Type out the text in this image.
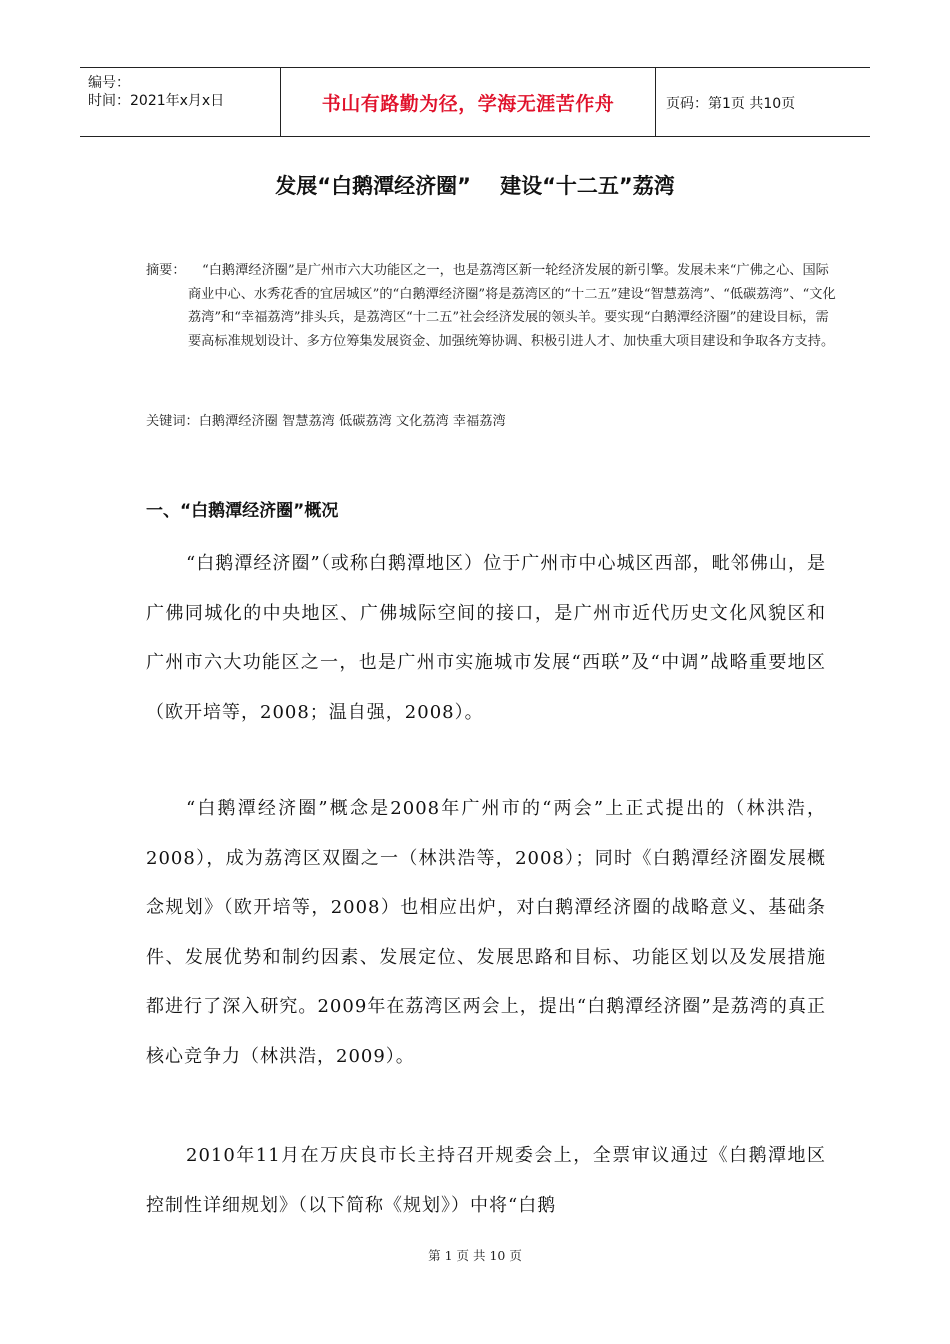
编号：
时间：2021年x月x日	书山有路勤为径，学海无涯苦作舟	页码：第1页 共10页
发展“白鹅潭经济圈”    建设“十二五”荔湾
摘要：	“白鹅潭经济圈”是广州市六大功能区之一，也是荔湾区新一轮经济发展的新引擎。发展未来“广佛之心、国际商业中心、水秀花香的宜居城区”的“白鹅潭经济圈”将是荔湾区的“十二五”建设“智慧荔湾”、“低碳荔湾”、“文化荔湾”和“幸福荔湾”排头兵，是荔湾区“十二五”社会经济发展的领头羊。要实现“白鹅潭经济圈”的建设目标，需要高标准规划设计、多方位筹集发展资金、加强统筹协调、积极引进人才、加快重大项目建设和争取各方支持。
关键词：白鹅潭经济圈 智慧荔湾 低碳荔湾 文化荔湾 幸福荔湾
一、“白鹅潭经济圈”概况

“白鹅潭经济圈”（或称白鹅潭地区）位于广州市中心城区西部，毗邻佛山，是广佛同城化的中央地区、广佛城际空间的接口，是广州市近代历史文化风貌区和广州市六大功能区之一，也是广州市实施城市发展“西联”及“中调”战略重要地区（欧开培等，2008；温自强，2008）。

“白鹅潭经济圈”概念是2008年广州市的“两会”上正式提出的（林洪浩，2008），成为荔湾区双圈之一（林洪浩等，2008）；同时《白鹅潭经济圈发展概念规划》（欧开培等，2008）也相应出炉，对白鹅潭经济圈的战略意义、基础条件、发展优势和制约因素、发展定位、发展思路和目标、功能区划以及发展措施都进行了深入研究。2009年在荔湾区两会上，提出“白鹅潭经济圈”是荔湾的真正核心竞争力（林洪浩，2009）。

2010年11月在万庆良市长主持召开规委会上，全票审议通过《白鹅潭地区控制性详细规划》（以下简称《规划》）中将“白鹅

第 1 页 共 10 页
